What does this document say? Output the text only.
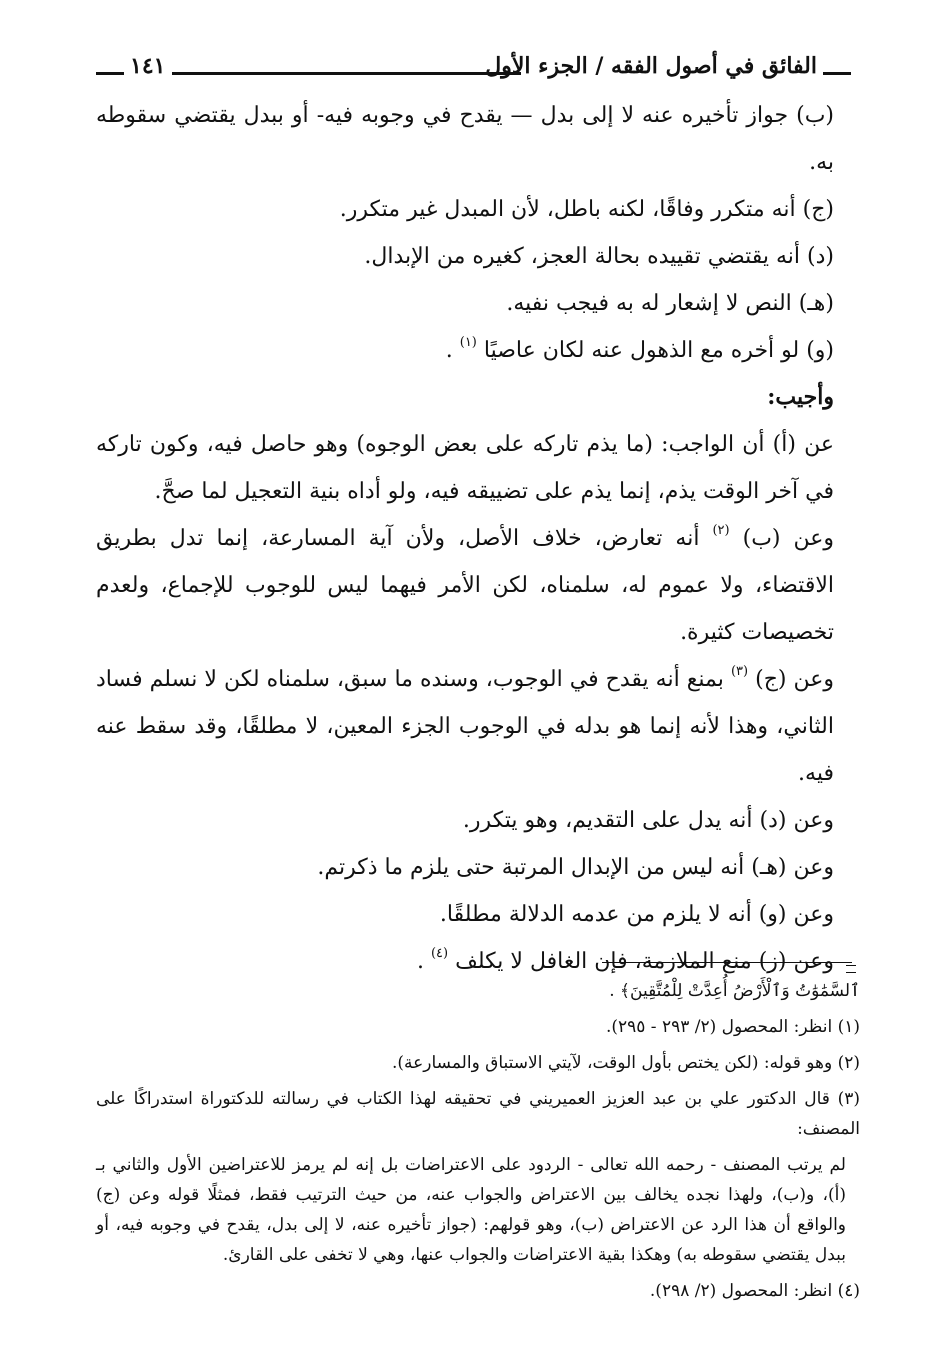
الفائق في أصول الفقه / الجزء الأول
١٤١

(ب) جواز تأخيره عنه لا إلى بدل — يقدح في وجوبه فيه- أو ببدل يقتضي سقوطه به.

(ج) أنه متكرر وفاقًا، لكنه باطل، لأن المبدل غير متكرر.

(د) أنه يقتضي تقييده بحالة العجز، كغيره من الإبدال.

(هـ) النص لا إشعار له به فيجب نفيه.

(و) لو أخره مع الذهول عنه لكان عاصيًا $^{(١)}$ .

وأجيب:

عن (أ) أن الواجب: (ما يذم تاركه على بعض الوجوه) وهو حاصل فيه، وكون تاركه في آخر الوقت يذم، إنما يذم على تضييقه فيه، ولو أداه بنية التعجيل لما صحَّ.

وعن (ب) $^{(٢)}$ أنه تعارض، خلاف الأصل، ولأن آية المسارعة، إنما تدل بطريق الاقتضاء، ولا عموم له، سلمناه، لكن الأمر فيهما ليس للوجوب للإجماع، ولعدم تخصيصات كثيرة.

وعن (ج) $^{(٣)}$ بمنع أنه يقدح في الوجوب، وسنده ما سبق، سلمناه لكن لا نسلم فساد الثاني، وهذا لأنه إنما هو بدله في الوجوب الجزء المعين، لا مطلقًا، وقد سقط عنه فيه.

وعن (د) أنه يدل على التقديم، وهو يتكرر.

وعن (هـ) أنه ليس من الإبدال المرتبة حتى يلزم ما ذكرتم.

وعن (و) أنه لا يلزم من عدمه الدلالة مطلقًا.

وعن (ز) منع الملازمة، فإن الغافل لا يكلف $^{(٤)}$ .

ٱلسَّمَٰوَٰتُ وَٱلْأَرْضُ أُعِدَّتْ لِلْمُتَّقِينَ﴾ .

(١) انظر: المحصول (٢/ ٢٩٣ - ٢٩٥).

(٢) وهو قوله: (لكن يختص بأول الوقت، لآيتي الاستباق والمسارعة).

(٣) قال الدكتور علي بن عبد العزيز العميريني في تحقيقه لهذا الكتاب في رسالته للدكتوراة استدراكًا على المصنف:

لم يرتب المصنف - رحمه الله تعالى - الردود على الاعتراضات بل إنه لم يرمز للاعتراضين الأول والثاني بـ (أ)، و(ب)، ولهذا نجده يخالف بين الاعتراض والجواب عنه، من حيث الترتيب فقط، فمثلًا قوله وعن (ج) والواقع أن هذا الرد عن الاعتراض (ب)، وهو قولهم: (جواز تأخيره عنه، لا إلى بدل، يقدح في وجوبه فيه، أو ببدل يقتضي سقوطه به) وهكذا بقية الاعتراضات والجواب عنها، وهي لا تخفى على القارئ.

(٤) انظر: المحصول (٢/ ٢٩٨).
